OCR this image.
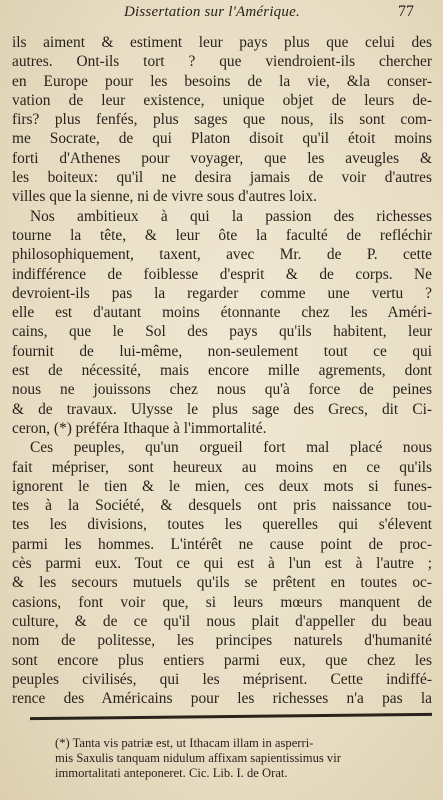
Dissertation sur l'Amérique.	77
ils aiment & estiment leur pays plus que celui des
autres. Ont-ils tort ? que viendroient-ils chercher
en Europe pour les besoins de la vie, &la conser-
vation de leur existence, unique objet de leurs de-
firs? plus fenfés, plus sages que nous, ils sont com-
me Socrate, de qui Platon disoit qu'il étoit moins
forti d'Athenes pour voyager, que les aveugles &
les boiteux: qu'il ne desira jamais de voir d'autres
villes que la sienne, ni de vivre sous d'autres loix.
Nos ambitieux à qui la passion des richesses
tourne la tête, & leur ôte la faculté de refléchir
philosophiquement, taxent, avec Mr. de P. cette
indifférence de foiblesse d'esprit & de corps. Ne
devroient-ils pas la regarder comme une vertu ?
elle est d'autant moins étonnante chez les Améri-
cains, que le Sol des pays qu'ils habitent, leur
fournit de lui-même, non-seulement tout ce qui
est de nécessité, mais encore mille agrements, dont
nous ne jouissons chez nous qu'à force de peines
& de travaux. Ulysse le plus sage des Grecs, dit Ci-
ceron, (*) préféra Ithaque à l'immortalité.
Ces peuples, qu'un orgueil fort mal placé nous
fait mépriser, sont heureux au moins en ce qu'ils
ignorent le tien & le mien, ces deux mots si funes-
tes à la Société, & desquels ont pris naissance tou-
tes les divisions, toutes les querelles qui s'élevent
parmi les hommes. L'intérêt ne cause point de proc-
cès parmi eux. Tout ce qui est à l'un est à l'autre ;
& les secours mutuels qu'ils se prêtent en toutes oc-
casions, font voir que, si leurs mœurs manquent de
culture, & de ce qu'il nous plait d'appeller du beau
nom de politesse, les principes naturels d'humanité
sont encore plus entiers parmi eux, que chez les
peuples civilisés, qui les méprisent. Cette indiffé-
rence des Américains pour les richesses n'a pas la
(*) Tanta vis patriæ est, ut Ithacam illam in asperri-
mis Saxulis tanquam nidulum affixam sapientissimus vir
immortalitati anteponeret. Cic. Lib. I. de Orat.
